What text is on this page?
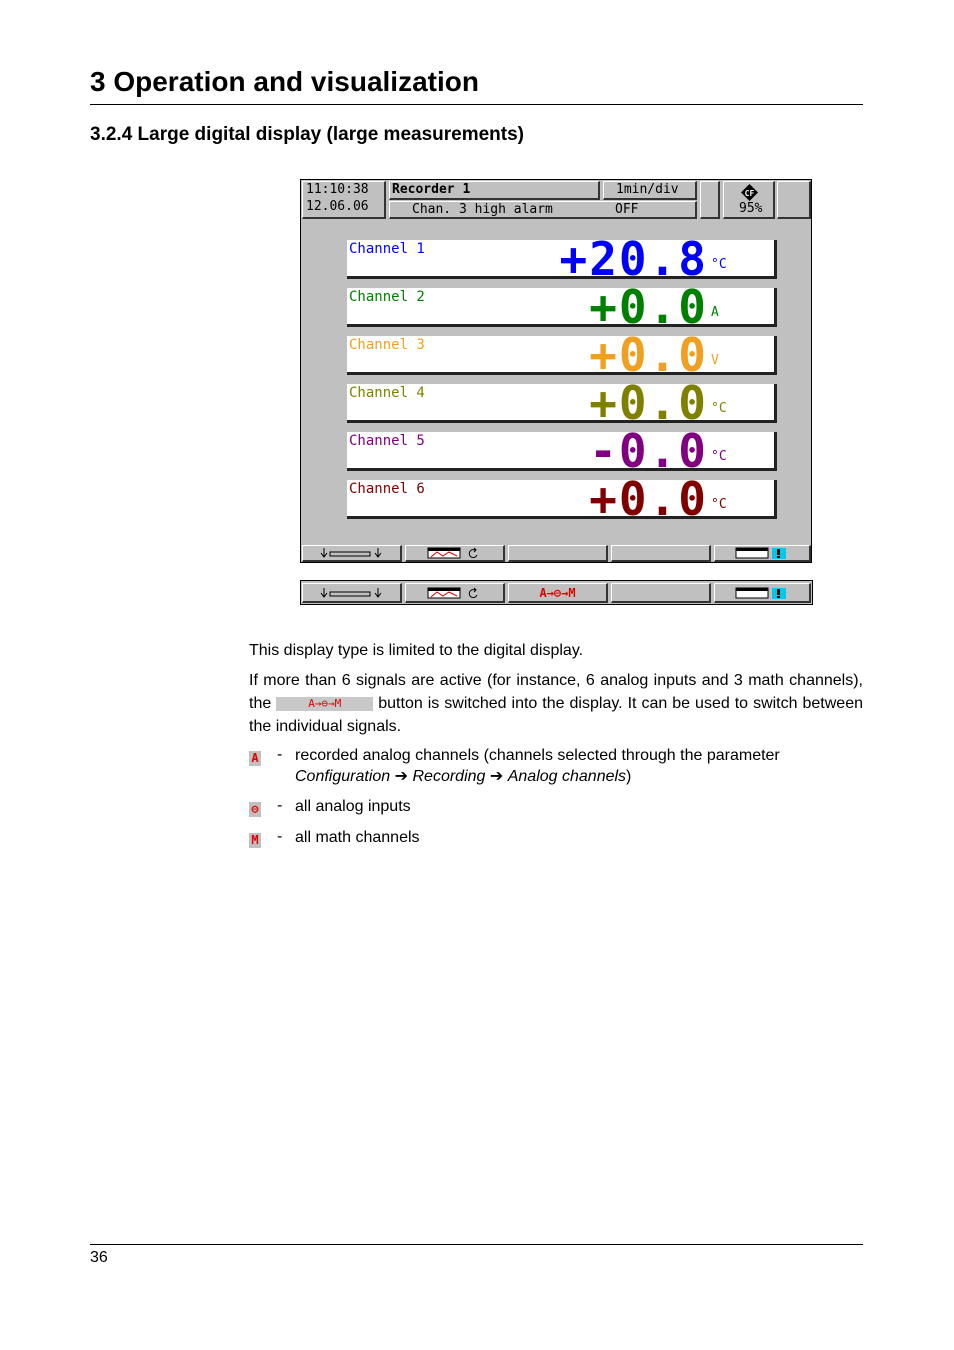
3 Operation and visualization
3.2.4 Large digital display (large measurements)
11:10:38
12.06.06
Recorder 1	1min/div
Chan. 3 high alarm	OFF
CF
95%
Channel 1	+20.8 °C
Channel 2	+0.0 A
Channel 3	+0.0 V
Channel 4	+0.0 °C
Channel 5	-0.0 °C
Channel 6	+0.0 °C
A→⊖→M

This display type is limited to the digital display.

If more than 6 signals are active (for instance, 6 analog inputs and 3 math channels), the	A→⊖→M button is switched into the display. It can be used to switch between the individual signals.

A - recorded analog channels (channels selected through the parameter
Configuration ➔ Recording ➔ Analog channels)
⊖ - all analog inputs
M - all math channels
36
